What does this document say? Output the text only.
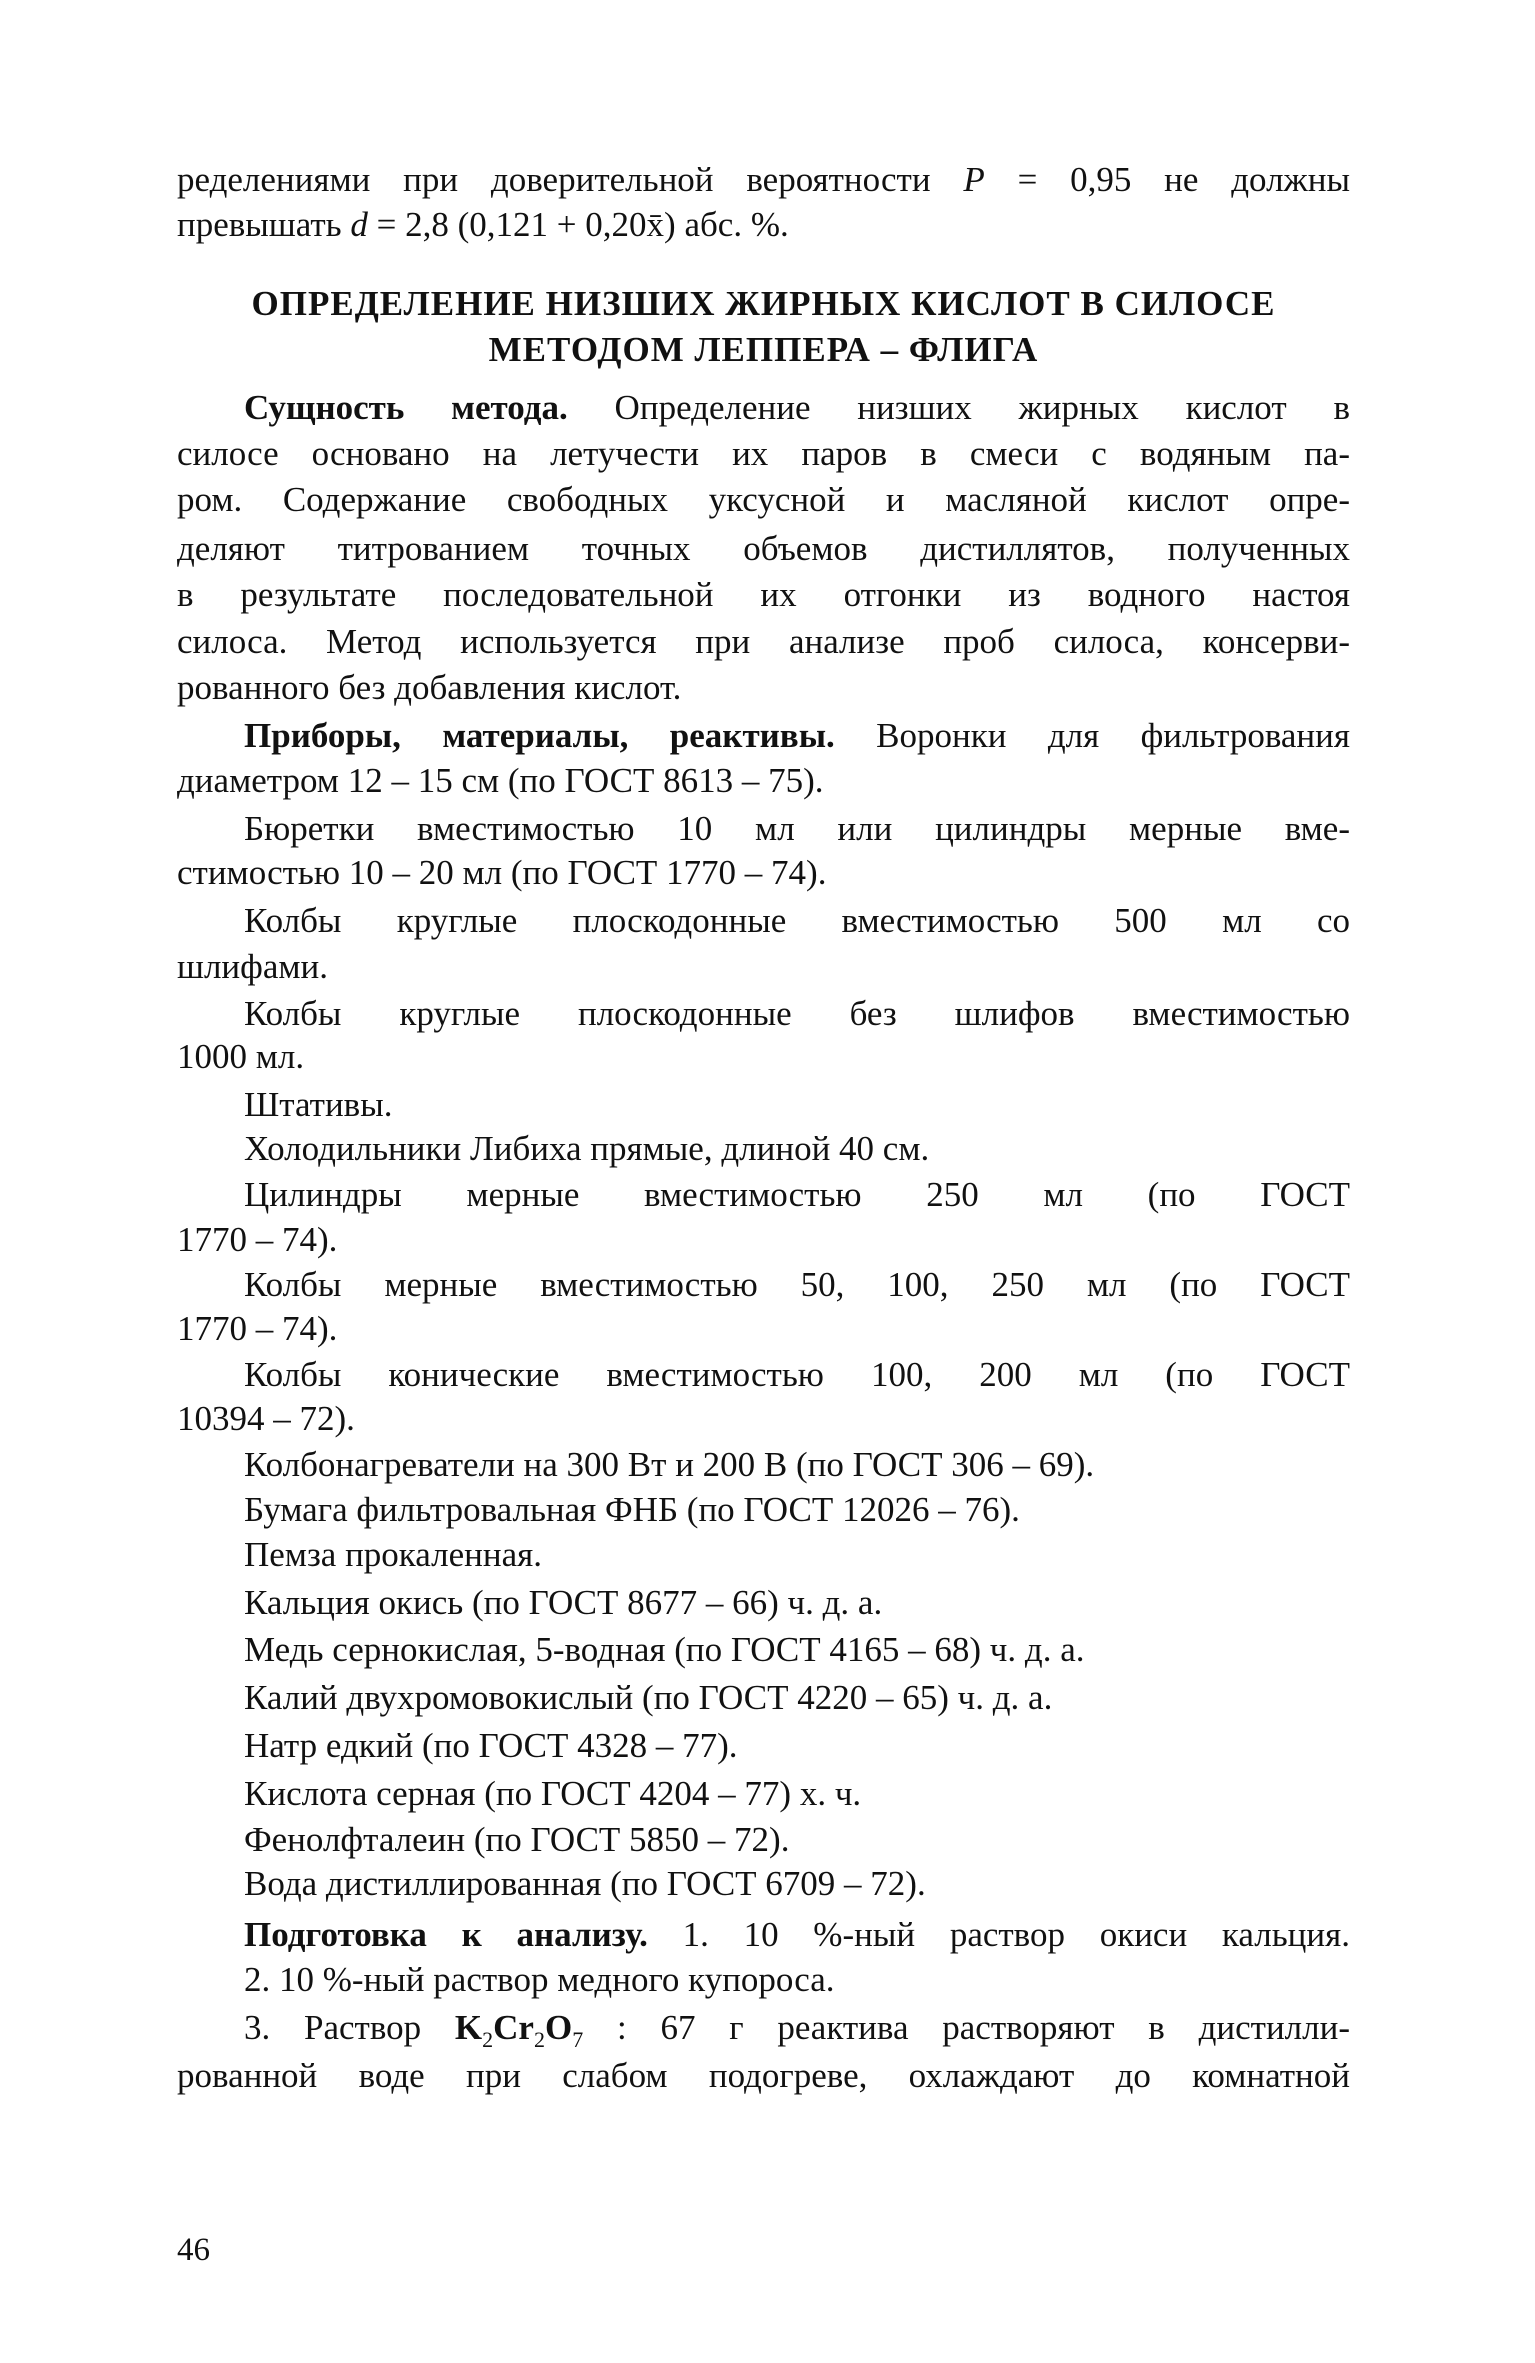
ределениями при доверительной вероятности P = 0,95 не должны
превышать d = 2,8 (0,121 + 0,20x̄) абс. %.
ОПРЕДЕЛЕНИЕ НИЗШИХ ЖИРНЫХ КИСЛОТ В СИЛОСЕ
МЕТОДОМ ЛЕППЕРА – ФЛИГА
Сущность метода. Определение низших жирных кислот в
силосе основано на летучести их паров в смеси с водяным па-
ром. Содержание свободных уксусной и масляной кислот опре-
деляют титрованием точных объемов дистиллятов, полученных
в результате последовательной их отгонки из водного настоя
силоса. Метод используется при анализе проб силоса, консерви-
рованного без добавления кислот.
Приборы, материалы, реактивы. Воронки для фильтрования
диаметром 12 – 15 см (по ГОСТ 8613 – 75).
Бюретки вместимостью 10 мл или цилиндры мерные вме-
стимостью 10 – 20 мл (по ГОСТ 1770 – 74).
Колбы круглые плоскодонные вместимостью 500 мл со
шлифами.
Колбы круглые плоскодонные без шлифов вместимостью
1000 мл.
Штативы.
Холодильники Либиха прямые, длиной 40 см.
Цилиндры мерные вместимостью 250 мл (по ГОСТ
1770 – 74).
Колбы мерные вместимостью 50, 100, 250 мл (по ГОСТ
1770 – 74).
Колбы конические вместимостью 100, 200 мл (по ГОСТ
10394 – 72).
Колбонагреватели на 300 Вт и 200 В (по ГОСТ 306 – 69).
Бумага фильтровальная ФНБ (по ГОСТ 12026 – 76).
Пемза прокаленная.
Кальция окись (по ГОСТ 8677 – 66) ч. д. а.
Медь сернокислая, 5-водная (по ГОСТ 4165 – 68) ч. д. а.
Калий двухромовокислый (по ГОСТ 4220 – 65) ч. д. а.
Натр едкий (по ГОСТ 4328 – 77).
Кислота серная (по ГОСТ 4204 – 77) х. ч.
Фенолфталеин (по ГОСТ 5850 – 72).
Вода дистиллированная (по ГОСТ 6709 – 72).
Подготовка к анализу. 1. 10 %-ный раствор окиси кальция.
2. 10 %-ный раствор медного купороса.
3. Раствор $K_2Cr_2O_7$ : 67 г реактива растворяют в дистилли-
рованной воде при слабом подогреве, охлаждают до комнатной
46
